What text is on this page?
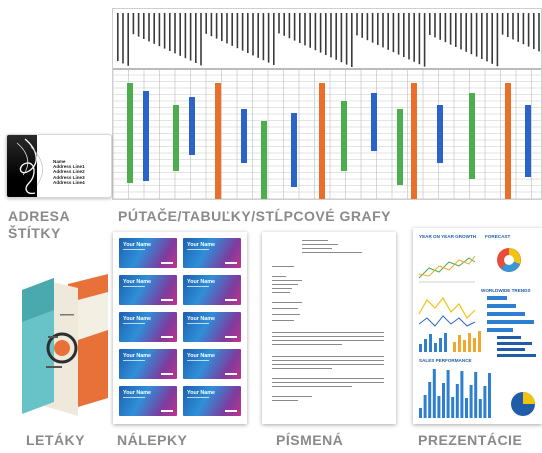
Name
Address Line1
Address Line2
Address Line3
Address Line4
ADRESA
ŠTÍTKY
PÚTAČE/TABUĽKY/STĹPCOVÉ GRAFY
LETÁKY
Your Name	Your Name
Your Name	Your Name
Your Name	Your Name
Your Name	Your Name
Your Name	Your Name
NÁLEPKY	PÍSMENÁ
YEAR ON YEAR GROWTH FORECAST
WORLDWIDE TRENDS
SALES PERFORMANCE
PREZENTÁCIE
